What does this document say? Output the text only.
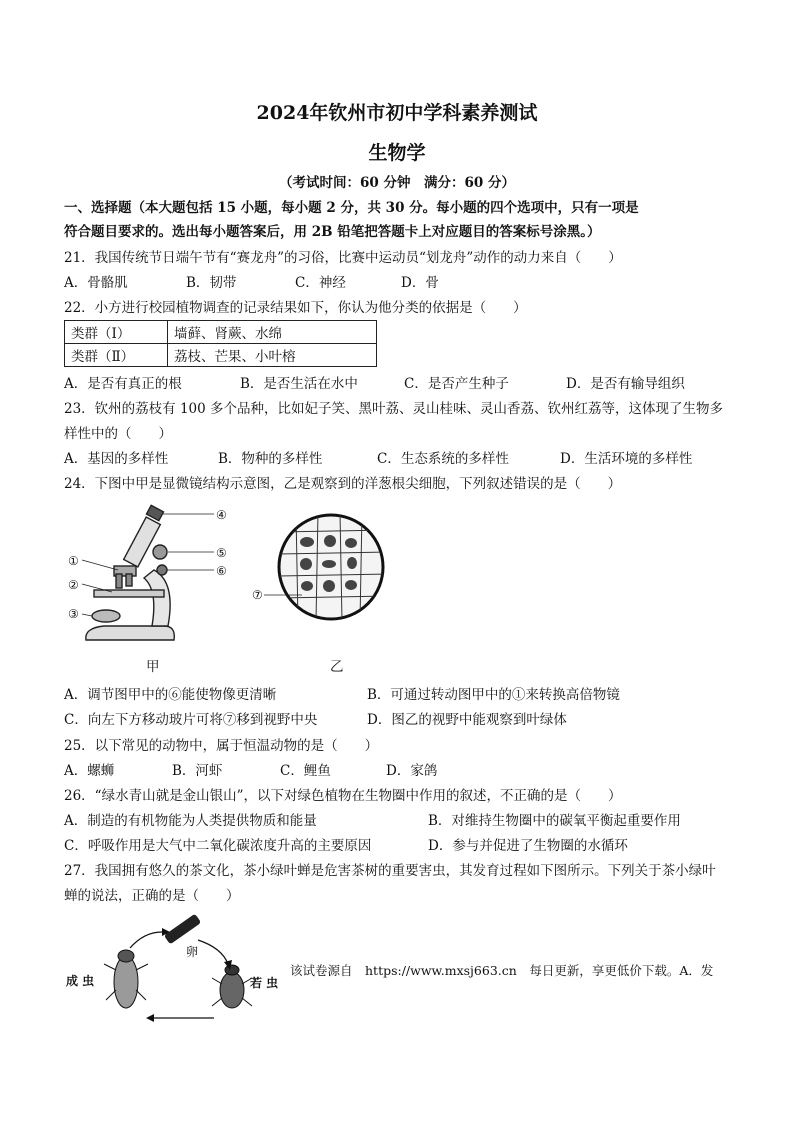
2024年钦州市初中学科素养测试
生物学
（考试时间：60 分钟　满分：60 分）
一、选择题（本大题包括 15 小题，每小题 2 分，共 30 分。每小题的四个选项中，只有一项是
符合题目要求的。选出每小题答案后，用 2B 铅笔把答题卡上对应题目的答案标号涂黑。）
21．我国传统节日端午节有“赛龙舟”的习俗，比赛中运动员“划龙舟”动作的动力来自（　　）
A．骨骼肌	B．韧带	C．神经	D．骨
22．小方进行校园植物调查的记录结果如下，你认为他分类的依据是（　　）
类群（Ⅰ）	墙藓、肾蕨、水绵
类群（Ⅱ）	荔枝、芒果、小叶榕
A．是否有真正的根	B．是否生活在水中	C．是否产生种子	D．是否有输导组织
23．钦州的荔枝有 100 多个品种，比如妃子笑、黑叶荔、灵山桂味、灵山香荔、钦州红荔等，这体现了生物多
样性中的（　　）
A．基因的多样性	B．物种的多样性	C．生态系统的多样性	D．生活环境的多样性
24．下图中甲是显微镜结构示意图，乙是观察到的洋葱根尖细胞，下列叙述错误的是（　　）
④
⑤
⑥
①
②
③
甲
⑦
乙
A．调节图甲中的⑥能使物像更清晰	B．可通过转动图甲中的①来转换高倍物镜
C．向左下方移动玻片可将⑦移到视野中央	D．图乙的视野中能观察到叶绿体
25．以下常见的动物中，属于恒温动物的是（　　）
A．螺蛳	B．河虾	C．鲤鱼	D．家鸽
26．“绿水青山就是金山银山”，以下对绿色植物在生物圈中作用的叙述，不正确的是（　　）
A．制造的有机物能为人类提供物质和能量	B．对维持生物圈中的碳氧平衡起重要作用
C．呼吸作用是大气中二氧化碳浓度升高的主要原因	D．参与并促进了生物圈的水循环
27．我国拥有悠久的茶文化，茶小绿叶蝉是危害茶树的重要害虫，其发育过程如下图所示。下列关于茶小绿叶
蝉的说法，正确的是（　　）
卵
成 虫	若 虫
该试卷源自　https://www.mxsj663.cn　每日更新，享更低价下载。A．发
